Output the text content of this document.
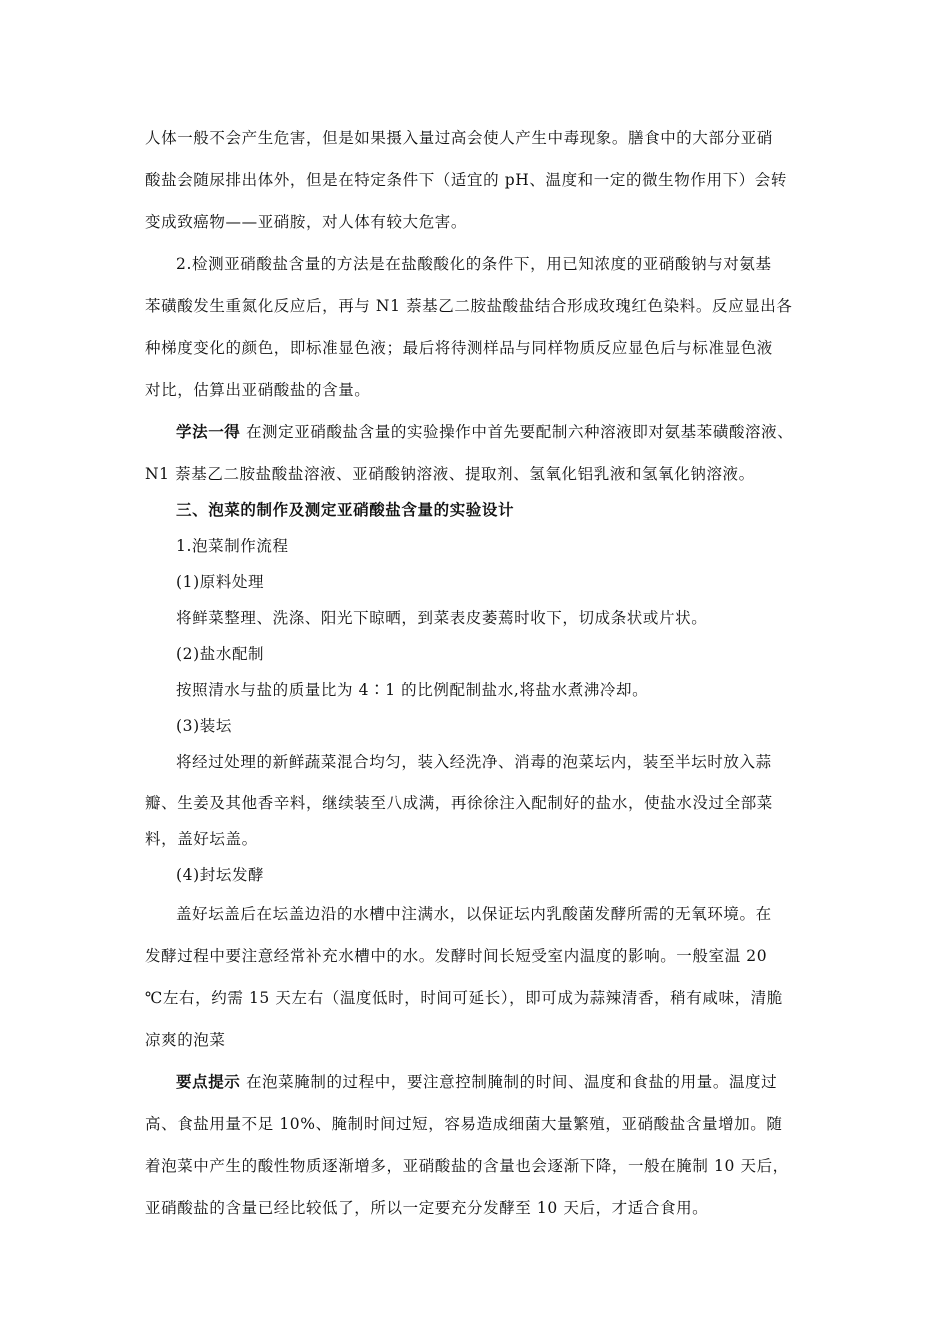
人体一般不会产生危害，但是如果摄入量过高会使人产生中毒现象。膳食中的大部分亚硝
酸盐会随尿排出体外，但是在特定条件下（适宜的 pH、温度和一定的微生物作用下）会转
变成致癌物——亚硝胺，对人体有较大危害。
2.检测亚硝酸盐含量的方法是在盐酸酸化的条件下，用已知浓度的亚硝酸钠与对氨基
苯磺酸发生重氮化反应后，再与 N1 萘基乙二胺盐酸盐结合形成玫瑰红色染料。反应显出各
种梯度变化的颜色，即标准显色液；最后将待测样品与同样物质反应显色后与标准显色液
对比，估算出亚硝酸盐的含量。
学法一得 在测定亚硝酸盐含量的实验操作中首先要配制六种溶液即对氨基苯磺酸溶液、
N1 萘基乙二胺盐酸盐溶液、亚硝酸钠溶液、提取剂、氢氧化铝乳液和氢氧化钠溶液。
三、泡菜的制作及测定亚硝酸盐含量的实验设计
1.泡菜制作流程
(1)原料处理
将鲜菜整理、洗涤、阳光下晾晒，到菜表皮萎蔫时收下，切成条状或片状。
(2)盐水配制
按照清水与盐的质量比为 4∶1 的比例配制盐水,将盐水煮沸冷却。
(3)装坛
将经过处理的新鲜蔬菜混合均匀，装入经洗净、消毒的泡菜坛内，装至半坛时放入蒜
瓣、生姜及其他香辛料，继续装至八成满，再徐徐注入配制好的盐水，使盐水没过全部菜
料，盖好坛盖。
(4)封坛发酵
盖好坛盖后在坛盖边沿的水槽中注满水，以保证坛内乳酸菌发酵所需的无氧环境。在
发酵过程中要注意经常补充水槽中的水。发酵时间长短受室内温度的影响。一般室温 20
℃左右，约需 15 天左右（温度低时，时间可延长），即可成为蒜辣清香，稍有咸味，清脆
凉爽的泡菜
要点提示 在泡菜腌制的过程中，要注意控制腌制的时间、温度和食盐的用量。温度过
高、食盐用量不足 10%、腌制时间过短，容易造成细菌大量繁殖，亚硝酸盐含量增加。随
着泡菜中产生的酸性物质逐渐增多，亚硝酸盐的含量也会逐渐下降，一般在腌制 10 天后，
亚硝酸盐的含量已经比较低了，所以一定要充分发酵至 10 天后，才适合食用。
